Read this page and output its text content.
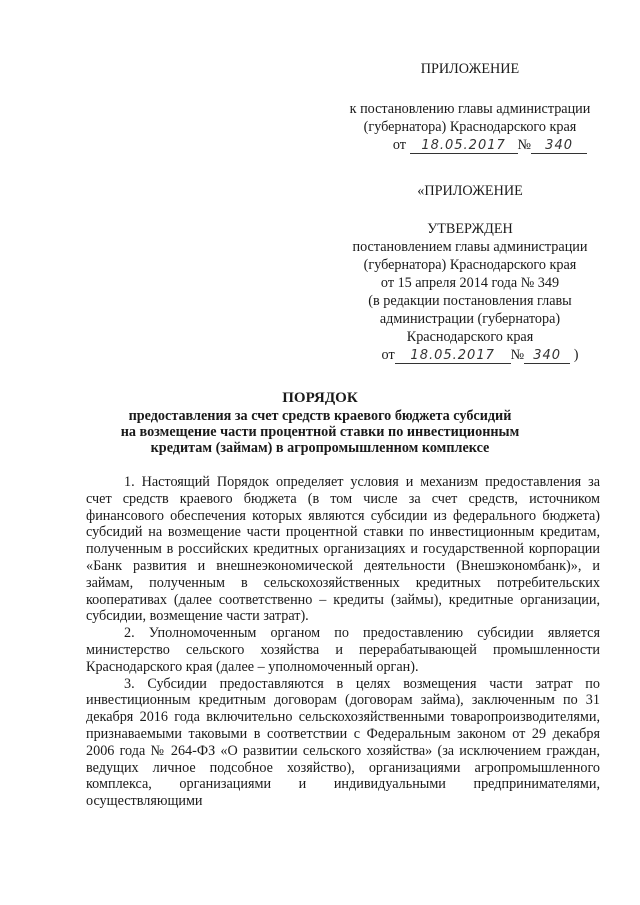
ПРИЛОЖЕНИЕ
к постановлению главы администрации
(губернатора) Краснодарского края
от 18.05.2017 № 340
«ПРИЛОЖЕНИЕ
УТВЕРЖДЕН
постановлением главы администрации
(губернатора) Краснодарского края
от 15 апреля 2014 года № 349
(в редакции постановления главы
администрации (губернатора)
Краснодарского края
от 18.05.2017 № 340 )
ПОРЯДОК
предоставления за счет средств краевого бюджета субсидий
на возмещение части процентной ставки по инвестиционным
кредитам (займам) в агропромышленном комплексе

1. Настоящий Порядок определяет условия и механизм предоставления за счет средств краевого бюджета (в том числе за счет средств, источником финансового обеспечения которых являются субсидии из федерального бюджета) субсидий на возмещение части процентной ставки по инвестиционным кредитам, полученным в российских кредитных организациях и государственной корпорации «Банк развития и внешнеэкономической деятельности (Внешэкономбанк)», и займам, полученным в сельскохозяйственных кредитных потребительских кооперативах (далее соответственно – кредиты (займы), кредитные организации, субсидии, возмещение части затрат).

2. Уполномоченным органом по предоставлению субсидии является министерство сельского хозяйства и перерабатывающей промышленности Краснодарского края (далее – уполномоченный орган).

3. Субсидии предоставляются в целях возмещения части затрат по инвестиционным кредитным договорам (договорам займа), заключенным по 31 декабря 2016 года включительно сельскохозяйственными товаропроизводителями, признаваемыми таковыми в соответствии с Федеральным законом от 29 декабря 2006 года № 264-ФЗ «О развитии сельского хозяйства» (за исключением граждан, ведущих личное подсобное хозяйство), организациями агропромышленного комплекса, организациями и индивидуальными предпринимателями, осуществляющими
